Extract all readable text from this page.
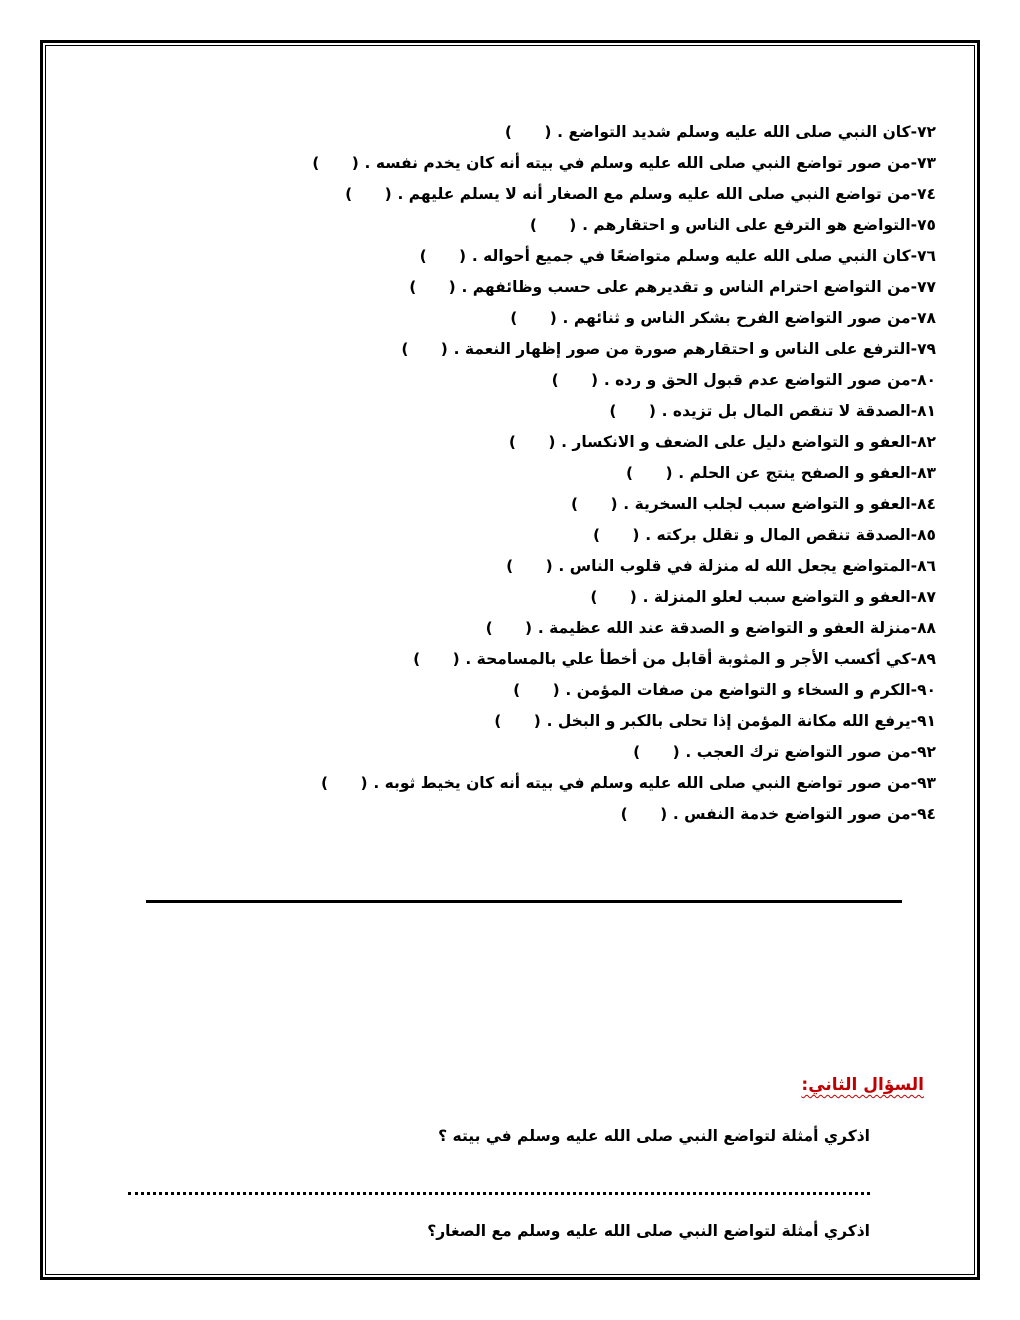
٧٢-كان النبي صلى الله عليه وسلم شديد التواضع .(      )
٧٣-من صور تواضع النبي صلى الله عليه وسلم في بيته أنه كان يخدم نفسه .(      )
٧٤-من تواضع النبي صلى الله عليه وسلم مع الصغار أنه لا يسلم عليهم .(      )
٧٥-التواضع هو الترفع على الناس و احتقارهم .(      )
٧٦-كان النبي صلى الله عليه وسلم متواضعًا في جميع أحواله .(      )
٧٧-من التواضع احترام الناس و تقديرهم على حسب وظائفهم .(      )
٧٨-من صور التواضع الفرح بشكر الناس و ثنائهم .(      )
٧٩-الترفع على الناس و احتقارهم صورة من صور إظهار النعمة .(      )
٨٠-من صور التواضع عدم قبول الحق و رده .(      )
٨١-الصدقة لا تنقص المال بل تزيده .(      )
٨٢-العفو و التواضع دليل على الضعف و الانكسار .(      )
٨٣-العفو و الصفح ينتج عن الحلم .(      )
٨٤-العفو و التواضع سبب لجلب السخرية .(      )
٨٥-الصدقة تنقص المال و تقلل بركته .(      )
٨٦-المتواضع يجعل الله له منزلة في قلوب الناس .(      )
٨٧-العفو و التواضع سبب لعلو المنزلة .(      )
٨٨-منزلة العفو و التواضع و الصدقة عند الله عظيمة .(      )
٨٩-كي أكسب الأجر و المثوبة أقابل من أخطأ علي بالمسامحة .(      )
٩٠-الكرم و السخاء و التواضع من صفات المؤمن .(      )
٩١-يرفع الله مكانة المؤمن إذا تحلى بالكبر و البخل .(      )
٩٢-من صور التواضع ترك العجب .(      )
٩٣-من صور تواضع النبي صلى الله عليه وسلم في بيته أنه كان يخيط ثوبه .(      )
٩٤-من صور التواضع خدمة النفس .(      )
السؤال الثاني:
اذكري أمثلة لتواضع النبي صلى الله عليه وسلم في بيته ؟
اذكري أمثلة لتواضع النبي صلى الله عليه وسلم مع الصغار؟
